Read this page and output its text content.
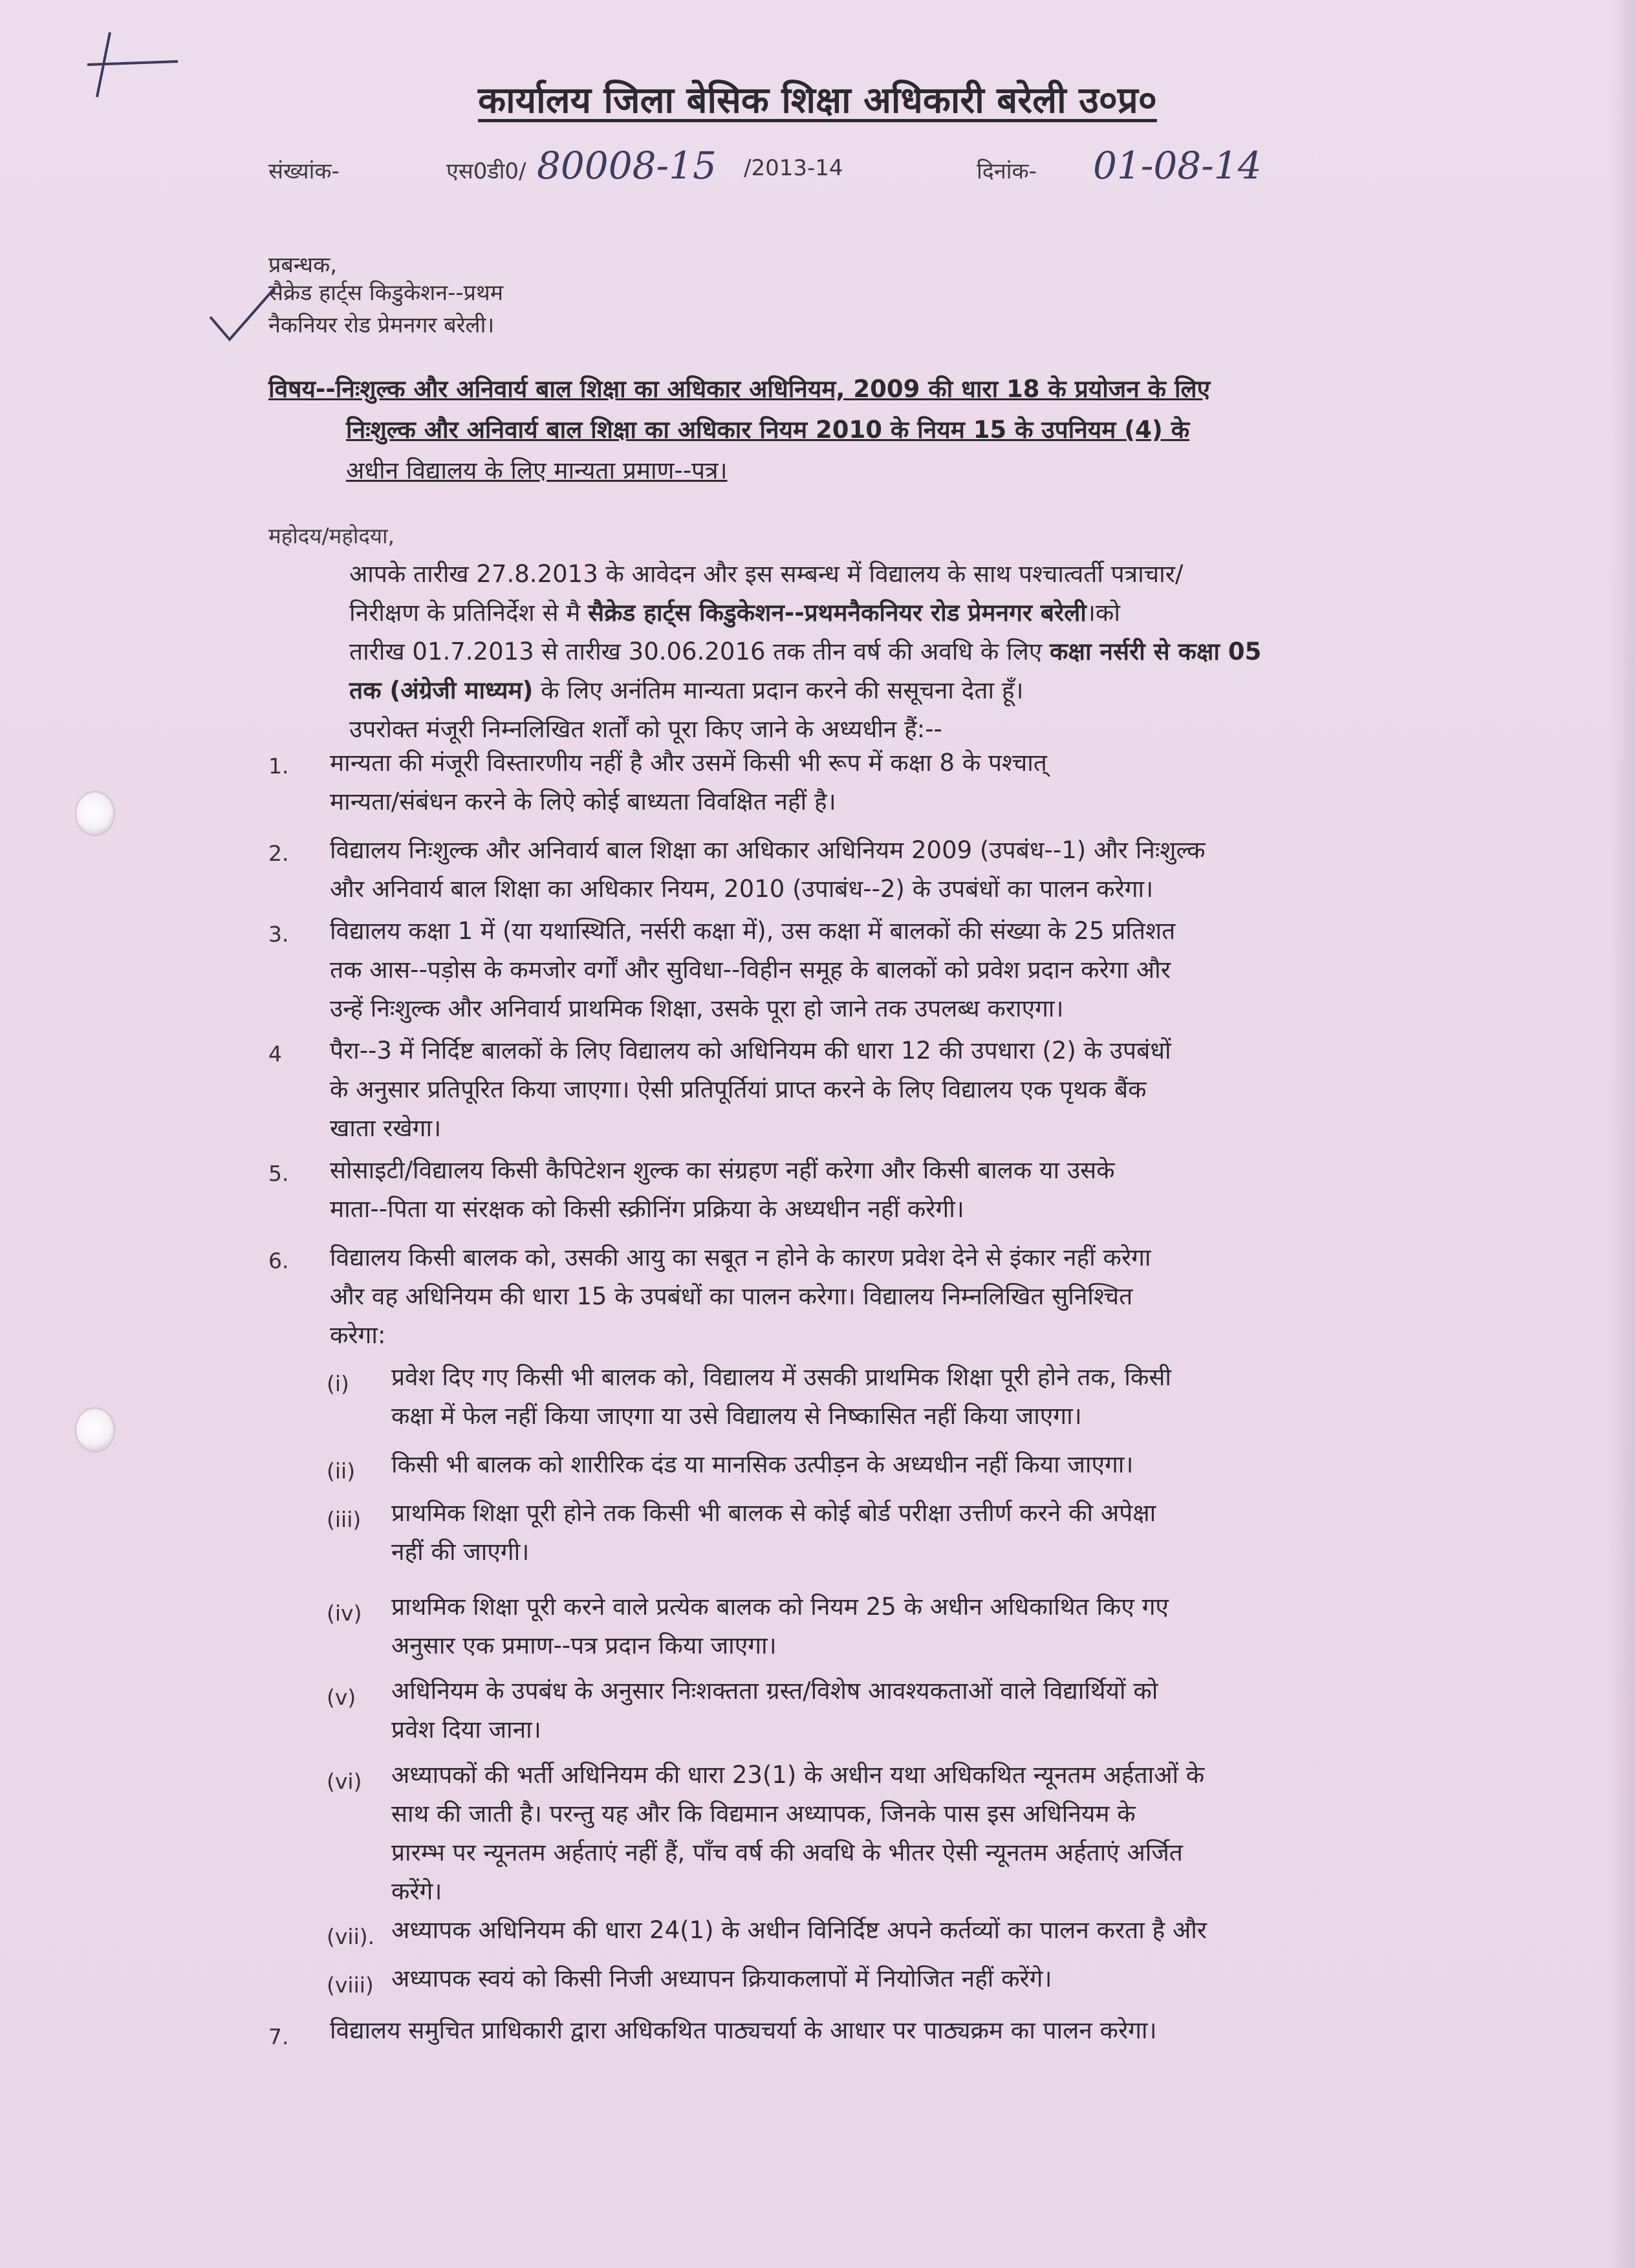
कार्यालय जिला बेसिक शिक्षा अधिकारी बरेली उ०प्र०
संख्यांक-	एस0डी0/ 80008-15 /2013-14	दिनांक- 01-08-14
प्रबन्धक,
सैक्रेड हार्ट्स किडुकेशन--प्रथम
नैकनियर रोड प्रेमनगर बरेली।
विषय--निःशुल्क और अनिवार्य बाल शिक्षा का अधिकार अधिनियम, 2009 की धारा 18 के प्रयोजन के लिए
निःशुल्क और अनिवार्य बाल शिक्षा का अधिकार नियम 2010 के नियम 15 के उपनियम (4) के
अधीन विद्यालय के लिए मान्यता प्रमाण--पत्र।
महोदय/महोदया,
आपके तारीख 27.8.2013 के आवेदन और इस सम्बन्ध में विद्यालय के साथ पश्चात्वर्ती पत्राचार/
निरीक्षण के प्रतिनिर्देश से मै सैक्रेड हार्ट्स किडुकेशन--प्रथमनैकनियर रोड प्रेमनगर बरेली।को
तारीख 01.7.2013 से तारीख 30.06.2016 तक तीन वर्ष की अवधि के लिए कक्षा नर्सरी से कक्षा 05
तक (अंग्रेजी माध्यम) के लिए अनंतिम मान्यता प्रदान करने की ससूचना देता हूँ।
उपरोक्त मंजूरी निम्नलिखित शर्तों को पूरा किए जाने के अध्यधीन हैं:--
1. मान्यता की मंजूरी विस्तारणीय नहीं है और उसमें किसी भी रूप में कक्षा 8 के पश्चात्
मान्यता/संबंधन करने के लिऐ कोई बाध्यता विवक्षित नहीं है।
2. विद्यालय निःशुल्क और अनिवार्य बाल शिक्षा का अधिकार अधिनियम 2009 (उपबंध--1) और निःशुल्क
और अनिवार्य बाल शिक्षा का अधिकार नियम, 2010 (उपाबंध--2) के उपबंधों का पालन करेगा।
3. विद्यालय कक्षा 1 में (या यथास्थिति, नर्सरी कक्षा में), उस कक्षा में बालकों की संख्या के 25 प्रतिशत
तक आस--पड़ोस के कमजोर वर्गों और सुविधा--विहीन समूह के बालकों को प्रवेश प्रदान करेगा और
उन्हें निःशुल्क और अनिवार्य प्राथमिक शिक्षा, उसके पूरा हो जाने तक उपलब्ध कराएगा।
4 पैरा--3 में निर्दिष्ट बालकों के लिए विद्यालय को अधिनियम की धारा 12 की उपधारा (2) के उपबंधों
के अनुसार प्रतिपूरित किया जाएगा। ऐसी प्रतिपूर्तियां प्राप्त करने के लिए विद्यालय एक पृथक बैंक
खाता रखेगा।
5. सोसाइटी/विद्यालय किसी कैपिटेशन शुल्क का संग्रहण नहीं करेगा और किसी बालक या उसके
माता--पिता या संरक्षक को किसी स्क्रीनिंग प्रक्रिया के अध्यधीन नहीं करेगी।
6. विद्यालय किसी बालक को, उसकी आयु का सबूत न होने के कारण प्रवेश देने से इंकार नहीं करेगा
और वह अधिनियम की धारा 15 के उपबंधों का पालन करेगा। विद्यालय निम्नलिखित सुनिश्चित
करेगा:
(i) प्रवेश दिए गए किसी भी बालक को, विद्यालय में उसकी प्राथमिक शिक्षा पूरी होने तक, किसी
कक्षा में फेल नहीं किया जाएगा या उसे विद्यालय से निष्कासित नहीं किया जाएगा।
(ii) किसी भी बालक को शारीरिक दंड या मानसिक उत्पीड़न के अध्यधीन नहीं किया जाएगा।
(iii) प्राथमिक शिक्षा पूरी होने तक किसी भी बालक से कोई बोर्ड परीक्षा उत्तीर्ण करने की अपेक्षा
नहीं की जाएगी।
(iv) प्राथमिक शिक्षा पूरी करने वाले प्रत्येक बालक को नियम 25 के अधीन अधिकाथित किए गए
अनुसार एक प्रमाण--पत्र प्रदान किया जाएगा।
(v) अधिनियम के उपबंध के अनुसार निःशक्तता ग्रस्त/विशेष आवश्यकताओं वाले विद्यार्थियों को
प्रवेश दिया जाना।
(vi) अध्यापकों की भर्ती अधिनियम की धारा 23(1) के अधीन यथा अधिकथित न्यूनतम अर्हताओं के
साथ की जाती है। परन्तु यह और कि विद्यमान अध्यापक, जिनके पास इस अधिनियम के
प्रारम्भ पर न्यूनतम अर्हताएं नहीं हैं, पाँच वर्ष की अवधि के भीतर ऐसी न्यूनतम अर्हताएं अर्जित
करेंगे।
(vii). अध्यापक अधिनियम की धारा 24(1) के अधीन विनिर्दिष्ट अपने कर्तव्यों का पालन करता है और
(viii) अध्यापक स्वयं को किसी निजी अध्यापन क्रियाकलापों में नियोजित नहीं करेंगे।
7. विद्यालय समुचित प्राधिकारी द्वारा अधिकथित पाठ्यचर्या के आधार पर पाठ्यक्रम का पालन करेगा।
